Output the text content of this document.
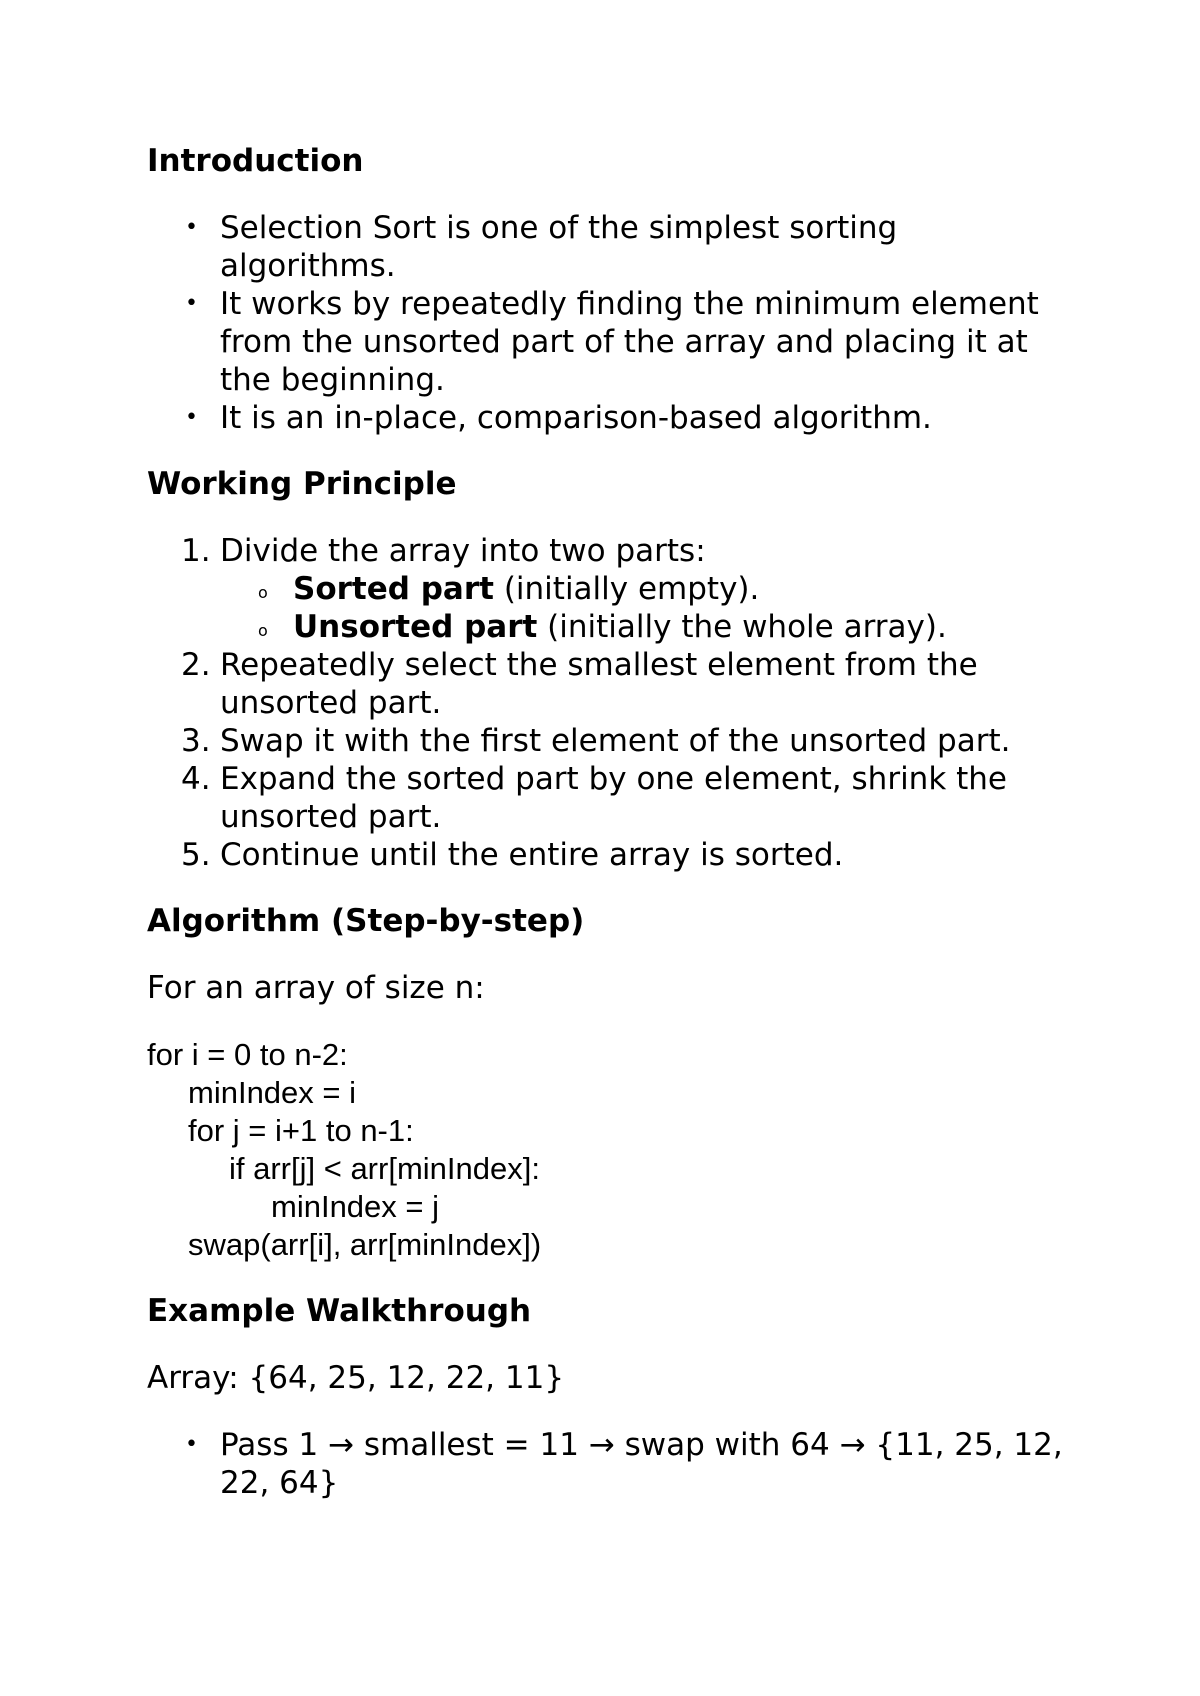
Introduction
• Selection Sort is one of the simplest sorting algorithms.
• It works by repeatedly finding the minimum element from the unsorted part of the array and placing it at the beginning.
• It is an in-place, comparison-based algorithm.
Working Principle
1. Divide the array into two parts:
o Sorted part (initially empty).
o Unsorted part (initially the whole array).
2. Repeatedly select the smallest element from the unsorted part.
3. Swap it with the first element of the unsorted part.
4. Expand the sorted part by one element, shrink the unsorted part.
5. Continue until the entire array is sorted.
Algorithm (Step-by-step)

For an array of size n:

for i = 0 to n-2:
minIndex = i
for j = i+1 to n-1:
if arr[j] < arr[minIndex]:
minIndex = j
swap(arr[i], arr[minIndex])
Example Walkthrough

Array: {64, 25, 12, 22, 11}

• Pass 1 → smallest = 11 → swap with 64 → {11, 25, 12, 22, 64}
